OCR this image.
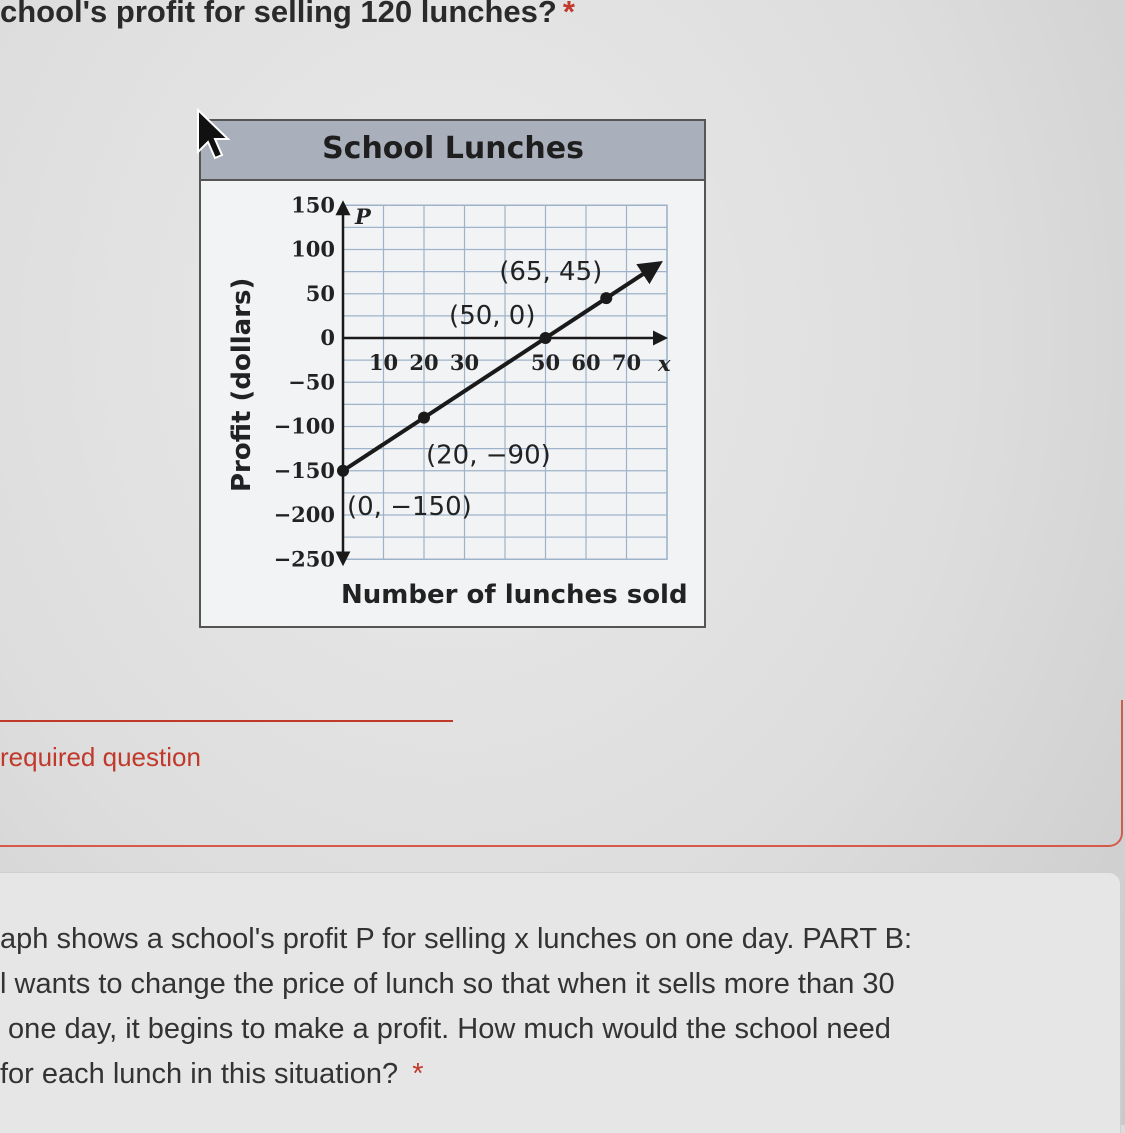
chool's profit for selling 120 lunches? *
School Lunches
150
100
50
0
−50
−100
−150
−200
−250
10 20 30 50 60 70
(0, −150)
(20, −90)
(50, 0)
(65, 45)
Profit (dollars)
Number of lunches sold
P
x
required question
aph shows a school's profit P for selling x lunches on one day. PART B:
l wants to change the price of lunch so that when it sells more than 30
one day, it begins to make a profit. How much would the school need
for each lunch in this situation? *
